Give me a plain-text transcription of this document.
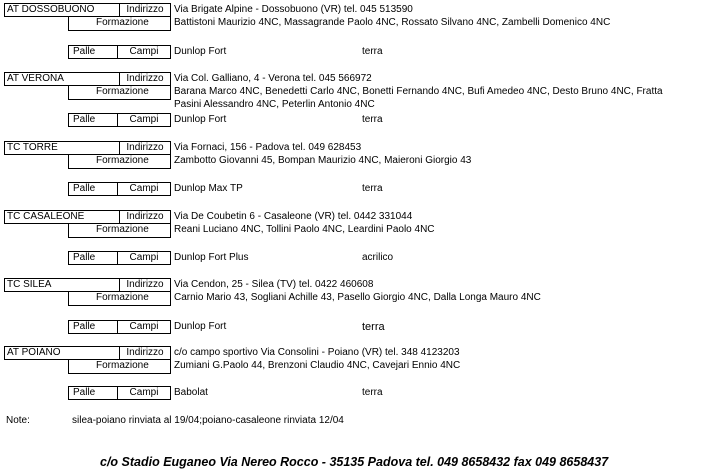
AT DOSSOBUONO	Indirizzo	Via Brigate Alpine - Dossobuono (VR) tel. 045 513590
Formazione	Battistoni Maurizio 4NC, Massagrande Paolo 4NC, Rossato Silvano 4NC, Zambelli Domenico 4NC
Palle	Campi	Dunlop Fort	terra
AT VERONA	Indirizzo	Via Col. Galliano, 4 - Verona tel. 045 566972
Formazione	Barana Marco 4NC, Benedetti Carlo 4NC, Bonetti Fernando 4NC, Bufi Amedeo 4NC, Desto Bruno 4NC, Fratta
Pasini Alessandro 4NC, Peterlin Antonio 4NC
Palle	Campi	Dunlop Fort	terra
TC TORRE	Indirizzo	Via Fornaci, 156 - Padova tel. 049 628453
Formazione	Zambotto Giovanni 45, Bompan Maurizio 4NC, Maieroni Giorgio 43
Palle	Campi	Dunlop Max TP	terra
TC CASALEONE	Indirizzo	Via De Coubetin 6 - Casaleone (VR) tel. 0442 331044
Formazione	Reani Luciano 4NC, Tollini Paolo 4NC, Leardini Paolo 4NC
Palle	Campi	Dunlop Fort Plus	acrilico
TC SILEA	Indirizzo	Via Cendon, 25 - Silea (TV) tel. 0422 460608
Formazione	Carnio Mario 43, Sogliani Achille 43, Pasello Giorgio 4NC, Dalla Longa Mauro 4NC
Palle	Campi	Dunlop Fort	terra
AT POIANO	Indirizzo	c/o campo sportivo Via Consolini - Poiano (VR) tel. 348 4123203
Formazione	Zumiani G.Paolo 44, Brenzoni Claudio 4NC, Cavejari Ennio 4NC
Palle	Campi	Babolat	terra
Note:	silea-poiano rinviata al 19/04;poiano-casaleone rinviata 12/04
c/o Stadio Euganeo Via Nereo Rocco - 35135 Padova tel. 049 8658432 fax 049 8658437
